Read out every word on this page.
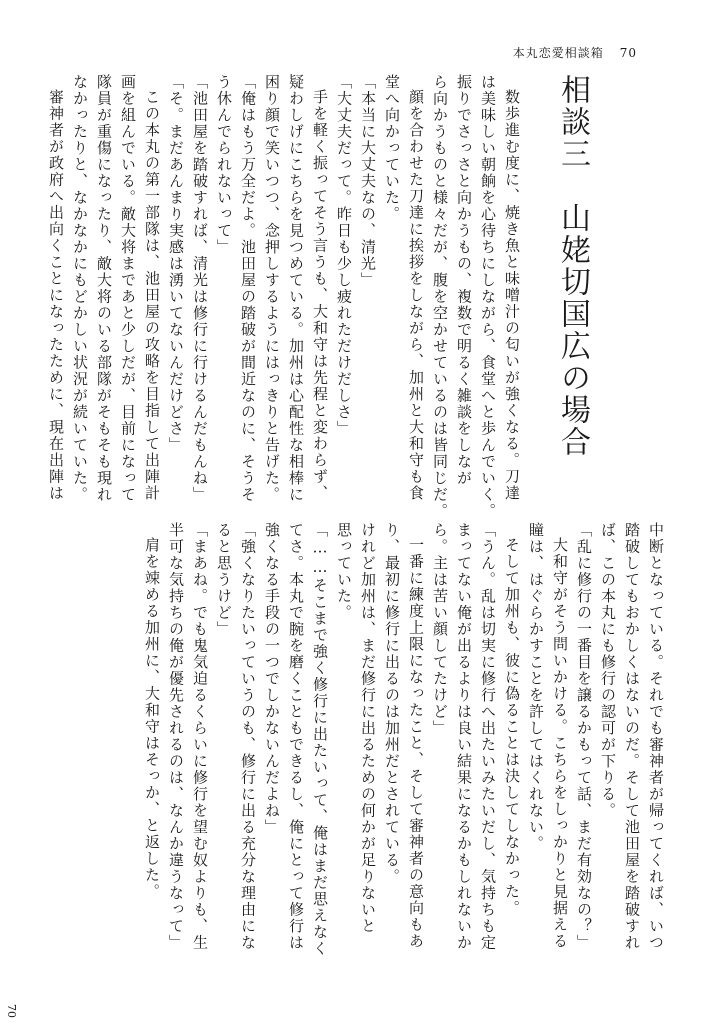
本丸恋愛相談箱 70
相談三　山姥切国広の場合
数歩進む度に、焼き魚と味噌汁の匂いが強くなる。刀達
は美味しい朝餉を心待ちにしながら、食堂へと歩んでいく。
振りでさっさと向かうもの、複数で明るく雑談をしなが
ら向かうものと様々だが、腹を空かせているのは皆同じだ。
顔を合わせた刀達に挨拶をしながら、加州と大和守も食
堂へ向かっていた。
「本当に大丈夫なの、清光」
「大丈夫だって。昨日も少し疲れただけだしさ」
手を軽く振ってそう言うも、大和守は先程と変わらず、
疑わしげにこちらを見つめている。加州は心配性な相棒に
困り顔で笑いつつ、念押しするようにはっきりと告げた。
「俺はもう万全だよ。池田屋の踏破が間近なのに、そうそ
う休んでられないって」
「池田屋を踏破すれば、清光は修行に行けるんだもんね」
「そ。まだあんまり実感は湧いてないんだけどさ」
この本丸の第一部隊は、池田屋の攻略を目指して出陣計
画を組んでいる。敵大将まであと少しだが、目前になって
隊員が重傷になったり、敵大将のいる部隊がそもそも現れ
なかったりと、なかなかにもどかしい状況が続いていた。
審神者が政府へ出向くことになったために、現在出陣は
中断となっている。それでも審神者が帰ってくれば、いつ
踏破してもおかしくはないのだ。そして池田屋を踏破すれ
ば、この本丸にも修行の認可が下りる。
「乱に修行の一番目を譲るかもって話、まだ有効なの？」
大和守がそう問いかける。こちらをしっかりと見据える
瞳は、はぐらかすことを許してはくれない。
そして加州も、彼に偽ることは決してしなかった。
「うん。乱は切実に修行へ出たいみたいだし、気持ちも定
まってない俺が出るよりは良い結果になるかもしれないか
ら。主は苦い顔してたけど」
一番に練度上限になったこと、そして審神者の意向もあ
り、最初に修行に出るのは加州だとされている。
けれど加州は、まだ修行に出るための何かが足りないと
思っていた。
「……そこまで強く修行に出たいって、俺はまだ思えなく
てさ。本丸で腕を磨くこともできるし、俺にとって修行は
強くなる手段の一つでしかないんだよね」
「強くなりたいっていうのも、修行に出る充分な理由にな
ると思うけど」
「まあね。でも鬼気迫るくらいに修行を望む奴よりも、生
半可な気持ちの俺が優先されるのは、なんか違うなって」
肩を竦める加州に、大和守はそっか、と返した。
70
